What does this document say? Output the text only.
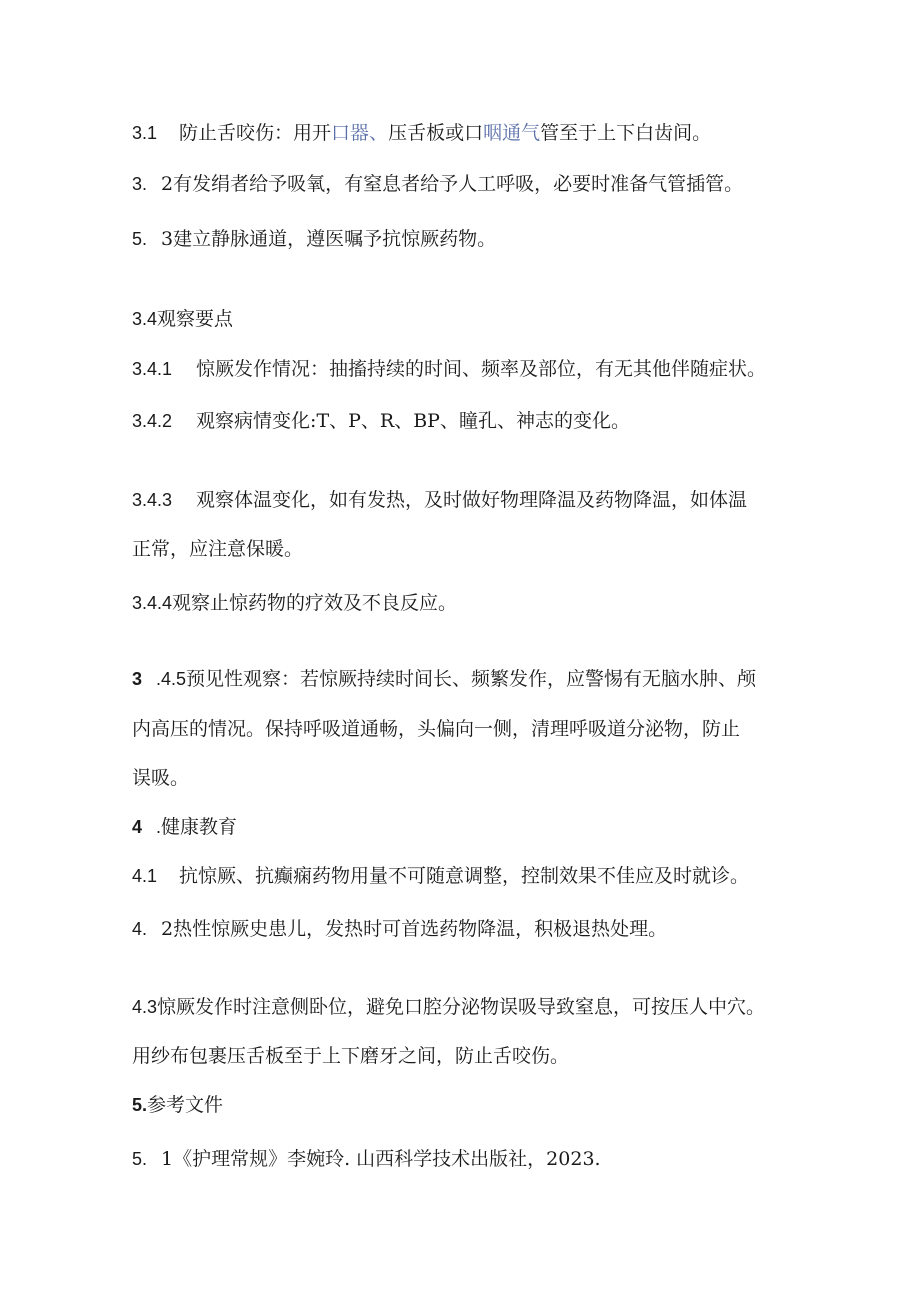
3.1 防止舌咬伤：用开口器、压舌板或口咽通气管至于上下白齿间。
3. 2有发绢者给予吸氧，有窒息者给予人工呼吸，必要时准备气管插管。
5. 3建立静脉通道，遵医嘱予抗惊厥药物。
3.4观察要点
3.4.1 惊厥发作情况：抽搐持续的时间、频率及部位，有无其他伴随症状。
3.4.2 观察病情变化:T、P、R、BP、瞳孔、神志的变化。
3.4.3 观察体温变化，如有发热，及时做好物理降温及药物降温，如体温
正常，应注意保暖。
3.4.4观察止惊药物的疗效及不良反应。
3 .4.5预见性观察：若惊厥持续时间长、频繁发作，应警惕有无脑水肿、颅
内高压的情况。保持呼吸道通畅，头偏向一侧，清理呼吸道分泌物，防止
误吸。
4 .健康教育
4.1 抗惊厥、抗癫痫药物用量不可随意调整，控制效果不佳应及时就诊。
4. 2热性惊厥史患儿，发热时可首选药物降温，积极退热处理。
4.3惊厥发作时注意侧卧位，避免口腔分泌物误吸导致窒息，可按压人中穴。
用纱布包裹压舌板至于上下磨牙之间，防止舌咬伤。
5.参考文件
5. 1《护理常规》李婉玲. 山西科学技术出版社，2023.
